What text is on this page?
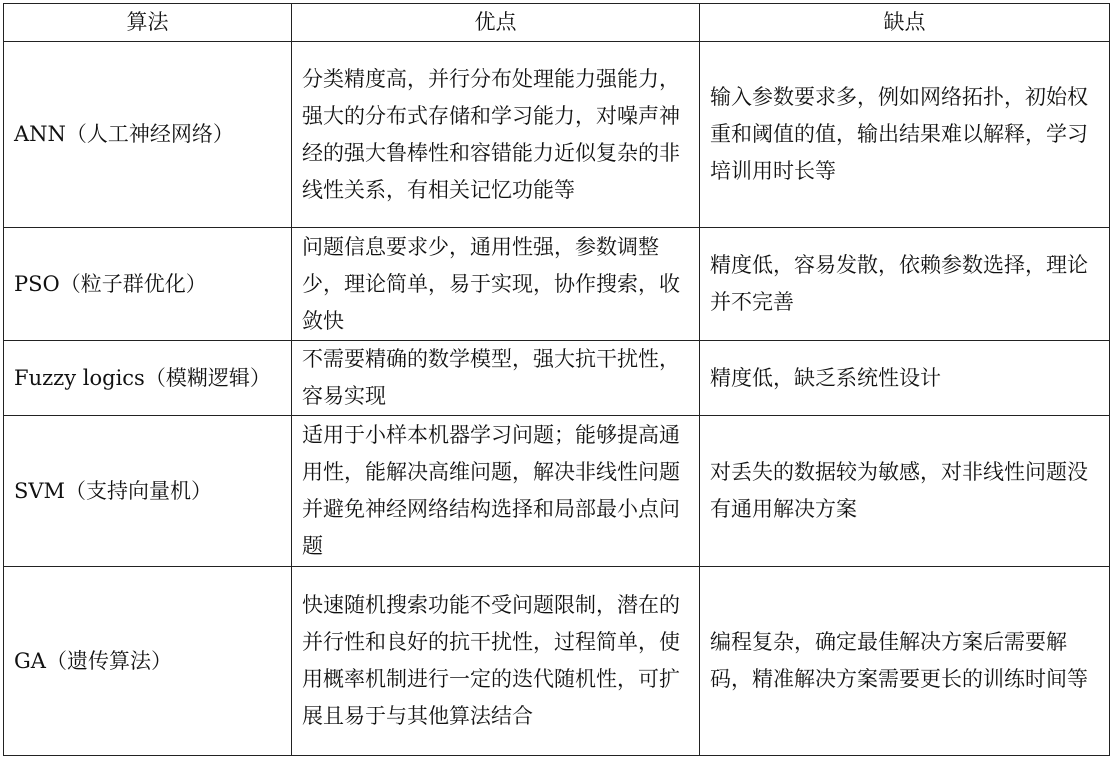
算法	优点	缺点
ANN（人工神经网络）	分类精度高，并行分布处理能力强能力，强大的分布式存储和学习能力，对噪声神经的强大鲁棒性和容错能力近似复杂的非线性关系，有相关记忆功能等	输入参数要求多，例如网络拓扑，初始权重和阈值的值，输出结果难以解释，学习培训用时长等
PSO（粒子群优化）	问题信息要求少，通用性强，参数调整少，理论简单，易于实现，协作搜索，收敛快	精度低，容易发散，依赖参数选择，理论并不完善
Fuzzy logics（模糊逻辑）	不需要精确的数学模型，强大抗干扰性，容易实现	精度低，缺乏系统性设计
SVM（支持向量机）	适用于小样本机器学习问题；能够提高通用性，能解决高维问题，解决非线性问题并避免神经网络结构选择和局部最小点问题	对丢失的数据较为敏感，对非线性问题没有通用解决方案
GA（遗传算法）	快速随机搜索功能不受问题限制，潜在的并行性和良好的抗干扰性，过程简单，使用概率机制进行一定的迭代随机性，可扩展且易于与其他算法结合	编程复杂，确定最佳解决方案后需要解码，精准解决方案需要更长的训练时间等
